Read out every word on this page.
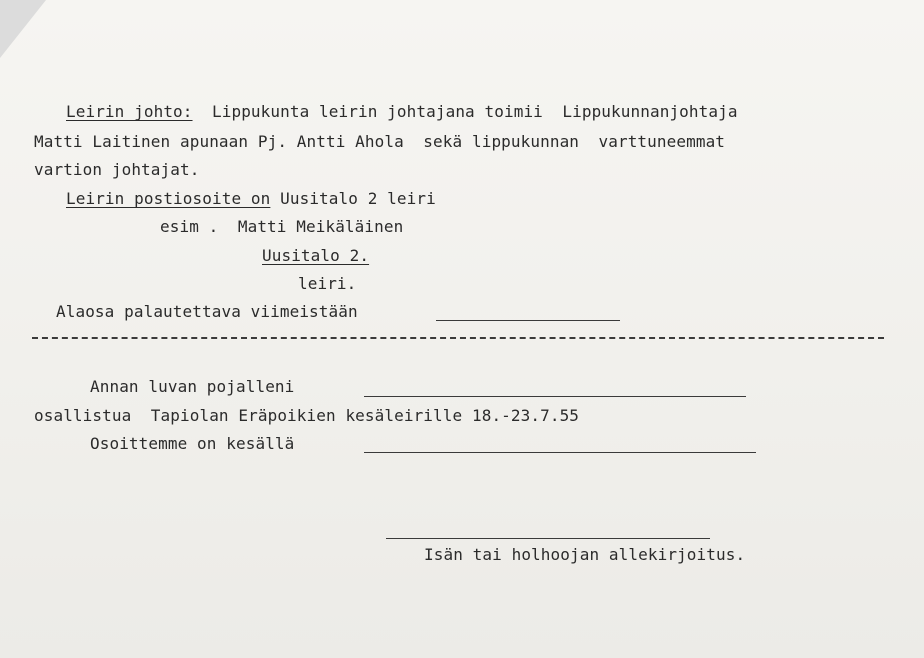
Leirin johto:  Lippukunta leirin johtajana toimii  Lippukunnanjohtaja
Matti Laitinen apunaan Pj. Antti Ahola  sekä lippukunnan  varttuneemmat
vartion johtajat.
Leirin postiosoite on Uusitalo 2 leiri
esim .  Matti Meikäläinen
Uusitalo 2.
leiri.
Alaosa palautettava viimeistään
Annan luvan pojalleni
osallistua  Tapiolan Eräpoikien kesäleirille 18.-23.7.55
Osoittemme on kesällä
Isän tai holhoojan allekirjoitus.
